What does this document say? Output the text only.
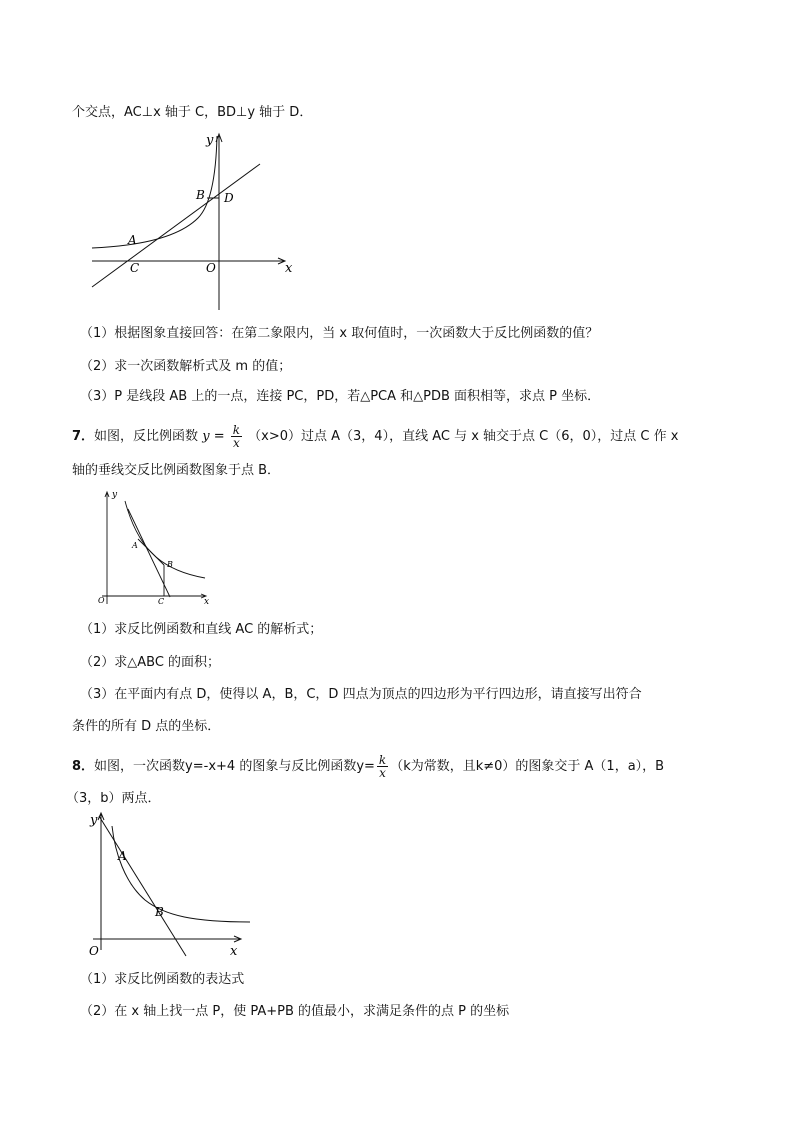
个交点，AC⊥x 轴于 C，BD⊥y 轴于 D．
y
x
A
B
C
D
O
（1）根据图象直接回答：在第二象限内，当 x 取何值时，一次函数大于反比例函数的值？
（2）求一次函数解析式及 m 的值；
（3）P 是线段 AB 上的一点，连接 PC，PD，若△PCA 和△PDB 面积相等，求点 P 坐标．
7．如图，反比例函数 $y = \frac{k}{x} (x>0)$过点 A（3，4），直线 AC 与 x 轴交于点 C（6，0），过点 C 作 x
轴的垂线交反比例函数图象于点 B．
y
x
A
B
C
O
（1）求反比例函数和直线 AC 的解析式；
（2）求△ABC 的面积；
（3）在平面内有点 D，使得以 A，B，C，D 四点为顶点的四边形为平行四边形，请直接写出符合
条件的所有 D 点的坐标．
8．如图，一次函数y=-x+4 的图象与反比例函数$y= \frac{k}{x} (k$为常数，且k≠0）的图象交于 A（1，a），B
（3，b）两点．
y
x
A
B
O
（1）求反比例函数的表达式
（2）在 x 轴上找一点 P，使 PA+PB 的值最小，求满足条件的点 P 的坐标
